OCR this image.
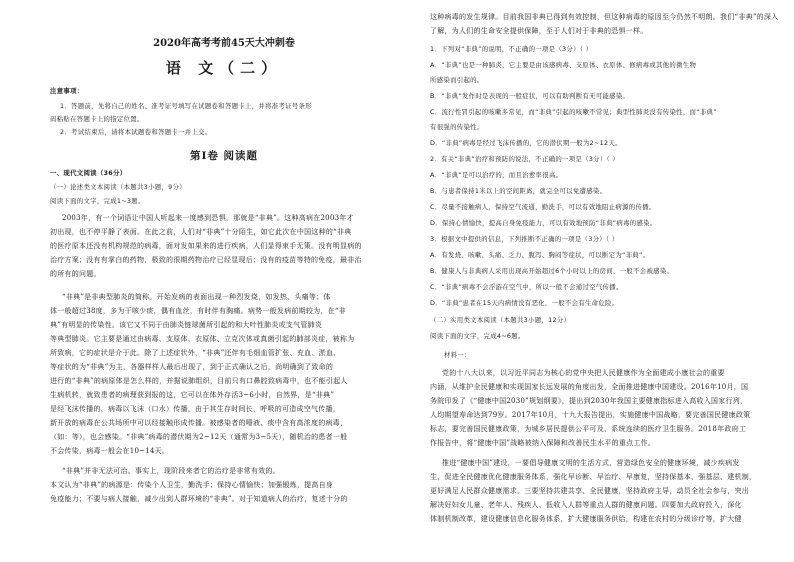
2020年高考考前45天大冲刺卷
语 文（二）
注意事项：
1．答题前，先将自己的姓名、准考证号填写在试题卷和答题卡上，并将准考证号条形
码粘贴在答题卡上的指定位置。
2．考试结束后，请将本试题卷和答题卡一并上交。
第Ⅰ卷 阅读题
一、现代文阅读（36分）
（一）论述类文本阅读（本题共3小题，9分）
阅读下面的文字，完成1~3题。
2003年，有一个词语让中国人听起来一度感到恐惧，那就是“非典”。这种高病在2003年才
初出现，也不停平静了表面。在此之前，人们对“非典”十分陌生，如它此次在中国这种的“非典
的医疗原本还没有机构规范的病毒，面对发如果来的进行疾病，人们显得束手无策。没有明显病的
治疗方案；没有有掌白的药物，极致的很期药物治疗已经显现后；没有的疫苗等特的免疫，最非治
的所有的问题。
“非典”是非典型肺炎的简称。开始发病的表面出现一种烈发烧，如发热、头痛等；体
体一般超过38度，多为干咳少痰，偶有血丝，有时伴有胸痛。病势一般发病前期较为，在“非
典”有明显的传染性。该它又不同于由肺炎链球菌所引起的和大叶性肺炎或支气管肺炎
等典型肺炎。它主要是通过由病毒、支原体、衣原体、立克次体或真菌引起的肺部炎症，被称为
所致病，它的症状是介于此。除了上述症状外，“非典”还伴有毛细血管扩张、充血、淤血、
等症状的为“非典”为主，各器样样人最后出现了，到于正式确认之后，尚明确到了致命的
进行的“非典”的病原体是怎么样的，并据说肺组织，目前只有口鼻腔致病毒中，也不能引起人
生病机转，就致患者的病理获到报的这，它可以在体外存活3~6小时，自然界，是“非典”
是经飞沫传播的，病毒以飞沫（口水）传播，由于其生存时间长，呼吸的可造成空气传播，
新开放的病毒在公共场所中可以经接触形成传播。被感染者的唾液、痰中含有高浓度的病毒，
（如：等），也会感染。“非典”病毒的潜伏期为2~12天（通常为3~5天），随机治的患者一般
不会传染，病毒一般会在10~14天。
“非典”并非无法可治。事实上，现阶段来者它的治疗是非常有效的。
本文认为“非典”的病源是：传染个人卫生，勤洗手；保持心情愉快；加强锻炼，提高自身
免疫能力；不要与病人接触，减少出到人群环境的“非典”。对于知道病人的治疗，复述十分的
这种病毒的发生规律。目前我国非典已得到有效控制，但这种病毒的原因至今仍然不明朗。我们“非典”的深入
了解，为人们的生命安全提供保障，至于人们对于非典的恐惧一样。
1．下列对“非典”的说明，不正确的一项是（3分）（ ）
A．“非典”也是一种肺炎，它主要是由该感病毒、支原体、衣原体、修病毒或其他的微生物
所感染而引起的。
B．“非典”发作时是表现的一般症状，可以有助判断有无可能感染。
C．流行性冒引起的咳嗽多常见，而“非典”引起的咳嗽不常见；典型性肺炎没有传染性，而“非典”
有很强的传染性。
D．“非典”病毒是经过飞沫传播的，它的潜伏期一般为2~12天。
2．有关“非典”治疗和预防的说法，不正确的一项是（3分）（ ）
A．“非典”是可以治疗的，而且治愈率很高。
B．与患者保持1米以上的空间距离，就完全可以免遭感染。
C．尽量不接触病人，保持空气流通，勤洗手，可以有效地阻止病源的传播。
D．保持心情愉快，提高自身免疫能力，可以有效地预防“非典”病毒的感染。
3．根据文中提供的信息，下列推断不正确的一项是（3分）（ ）
A．有发烧、咳嗽、头痛、乏力、腹泻、胸闷等症状，可以断定为“非典”。
B．健康人与非典病人采用出现高开始超过6个小时以上的房间，一般不会被感染。
C．“非典”病毒不会浮游在空气中，所以一般不会通过空气传播。
D．“非典”患者在15天内病情没有恶化，一般不会有生命危险。
（二）实用类文本阅读（本题共3小题，12分）
阅读下面的文字，完成4~6题。
材料一：
党的十八大以来，以习近平同志为核心的党中央把人民健康作为全面建成小康社会的重要
内涵，从维护全民健康和实现国家长远发展的角度出发，全面推进健康中国建设。2016年10月，国
务院印发了《“健康中国2030”规划纲要》，提出到2030年我国主要健康指标进入高收入国家行列，
人均期望寿命达到79岁。2017年10月，十九大报告提出，实施健康中国战略，要完善国民健康政策
标志，要完善国民健康政策，为城乡居民提供公平可及、系统连续的医疗卫生服务。2018年政府工
作报告中，将“健康中国”战略被纳入保障和改善民生水平的重点工作。
推进“健康中国”建设，一要倡导健康文明的生活方式，营造绿色安全的健康环境，减少疾病发
生，促进全民健康优化健康服务体系，强化早诊断、早治疗、早康复，坚持保基本、强基层、建机制，
更好满足人民群众健康需求。三要坚持共建共享、全民健康，坚持政府主导，动员全社会参与，突出
解决好妇女儿童、老年人、残疾人、低收入人群等重点人群的健康问题。四要加大政府投入，深化
体制机制改革，建设健康信息化服务体系，扩大健康服务供给，构建在农村的分级诊疗等，扩大健
